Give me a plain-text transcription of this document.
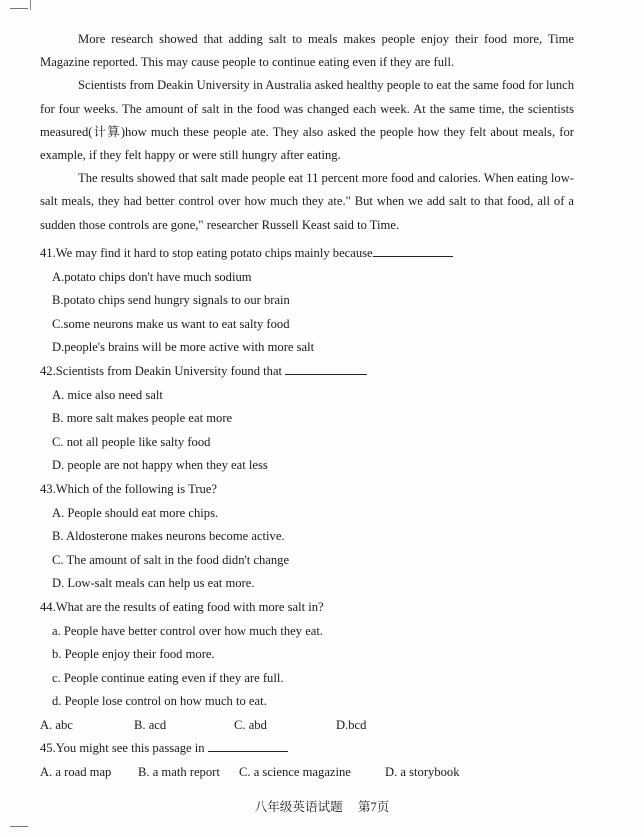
More research showed that adding salt to meals makes people enjoy their food more, Time Magazine reported. This may cause people to continue eating even if they are full.

Scientists from Deakin University in Australia asked healthy people to eat the same food for lunch for four weeks. The amount of salt in the food was changed each week. At the same time, the scientists measured(计算)how much these people ate. They also asked the people how they felt about meals, for example, if they felt happy or were still hungry after eating.

The results showed that salt made people eat 11 percent more food and calories. When eating low-salt meals, they had better control over how much they ate." But when we add salt to that food, all of a sudden those controls are gone," researcher Russell Keast said to Time.

41.We may find it hard to stop eating potato chips mainly because

A.potato chips don't have much sodium

B.potato chips send hungry signals to our brain

C.some neurons make us want to eat salty food

D.people's brains will be more active with more salt

42.Scientists from Deakin University found that

A. mice also need salt

B. more salt makes people eat more

C. not all people like salty food

D. people are not happy when they eat less

43.Which of the following is True?

A. People should eat more chips.

B. Aldosterone makes neurons become active.

C. The amount of salt in the food didn't change

D. Low-salt meals can help us eat more.

44.What are the results of eating food with more salt in?

a. People have better control over how much they eat.

b. People enjoy their food more.

c. People continue eating even if they are full.

d. People lose control on how much to eat.

A. abc	B. acd	C. abd	D.bcd

45.You might see this passage in

A. a road map	B. a math report	C. a science magazine	D. a storybook
八年级英语试题 第7页
